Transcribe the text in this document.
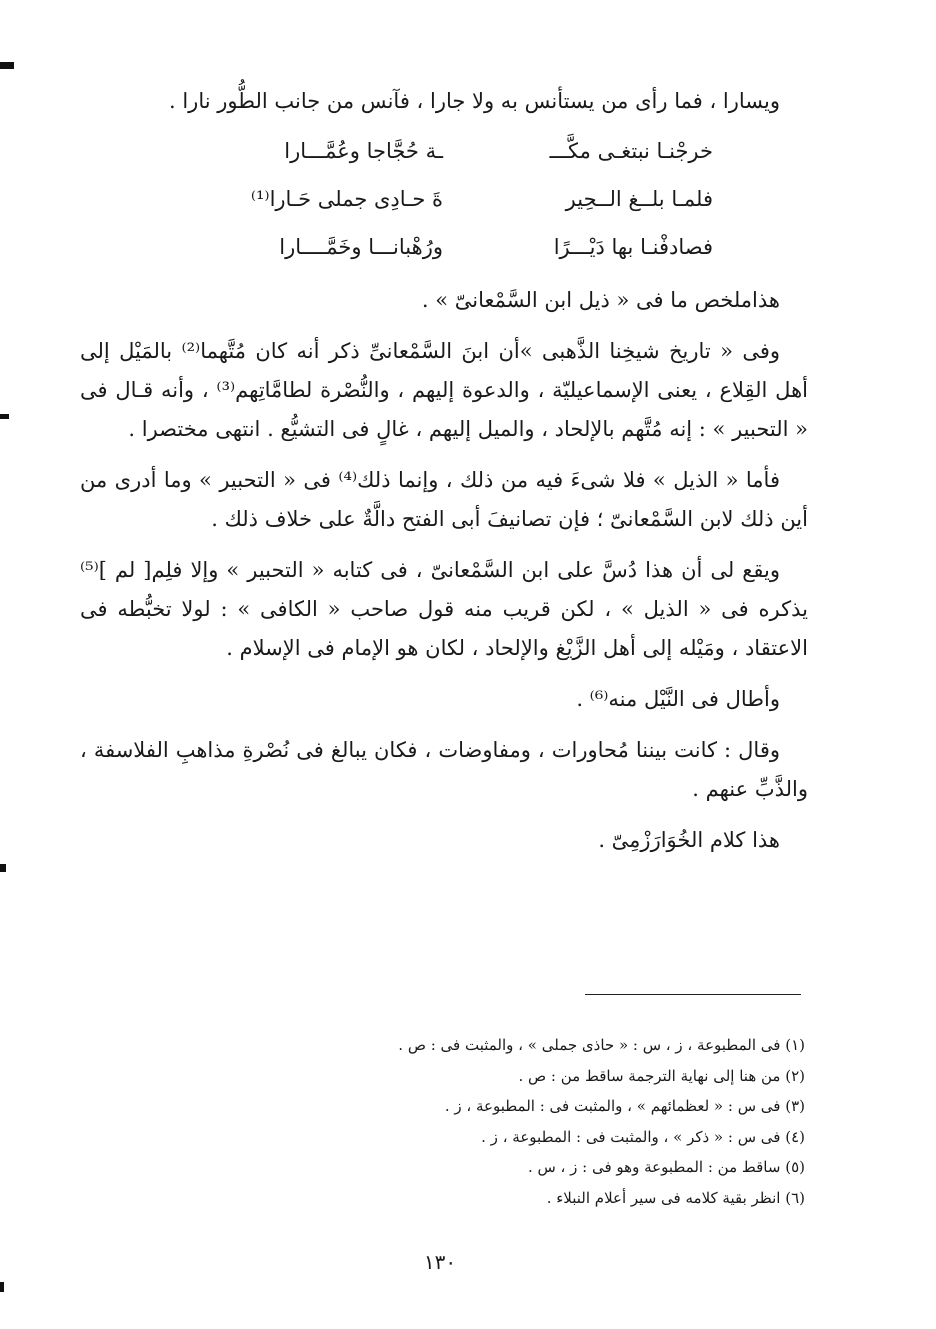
ويسارا ، فما رأى من يستأنس به ولا جارا ، فآنس من جانب الطُّور نارا .

خرجْنـا نبتغـى مكَّـــ
ـة حُجَّاجا وعُمَّـــارا
فلمـا بلــغ الــحِير
ةَ حـادِى جملى حَـارا⁽¹⁾
فصادفْنـا بها دَيْـــرًا
ورُهْبانـــا وخَمَّــــارا

هذاملخص ما فى « ذيل ابن السَّمْعانىّ » .

وفى « تاريخ شيخِنا الذَّهبى »أن ابنَ السَّمْعانىِّ ذكر أنه كان مُتَّهما⁽²⁾ بالمَيْل إلى أهل القِلاع ، يعنى الإسماعيليّة ، والدعوة إليهم ، والنُّصْرة لطامَّاتِهم⁽³⁾ ، وأنه قـال فى « التحبير » : إنه مُتَّهم بالإلحاد ، والميل إليهم ، غالٍ فى التشيُّع . انتهى مختصرا .

فأما « الذيل » فلا شىءَ فيه من ذلك ، وإنما ذلك⁽⁴⁾ فى « التحبير » وما أدرى من أين ذلك لابن السَّمْعانىّ ؛ فإن تصانيفَ أبى الفتح دالَّةٌ على خلاف ذلك .

ويقع لى أن هذا دُسَّ على ابن السَّمْعانىّ ، فى كتابه « التحبير » وإلا فلِم[ لم ]⁽⁵⁾ يذكره فى « الذيل » ، لكن قريب منه قول صاحب « الكافى » : لولا تخبُّطه فى الاعتقاد ، ومَيْله إلى أهل الزَّيْغ والإلحاد ، لكان هو الإمام فى الإسلام .

وأطال فى النَّيْل منه⁽⁶⁾ .

وقال : كانت بيننا مُحاورات ، ومفاوضات ، فكان يبالغ فى نُصْرةِ مذاهبِ الفلاسفة ، والذَّبِّ عنهم .

هذا كلام الخُوَارَزْمِىّ .

(١) فى المطبوعة ، ز ، س : « حاذى جملى » ، والمثبت فى : ص .

(٢) من هنا إلى نهاية الترجمة ساقط من : ص .

(٣) فى س : « لعظمائهم » ، والمثبت فى : المطبوعة ، ز .

(٤) فى س : « ذكر » ، والمثبت فى : المطبوعة ، ز .

(٥) ساقط من : المطبوعة وهو فى : ز ، س .

(٦) انظر بقية كلامه فى سير أعلام النبلاء .

١٣٠
